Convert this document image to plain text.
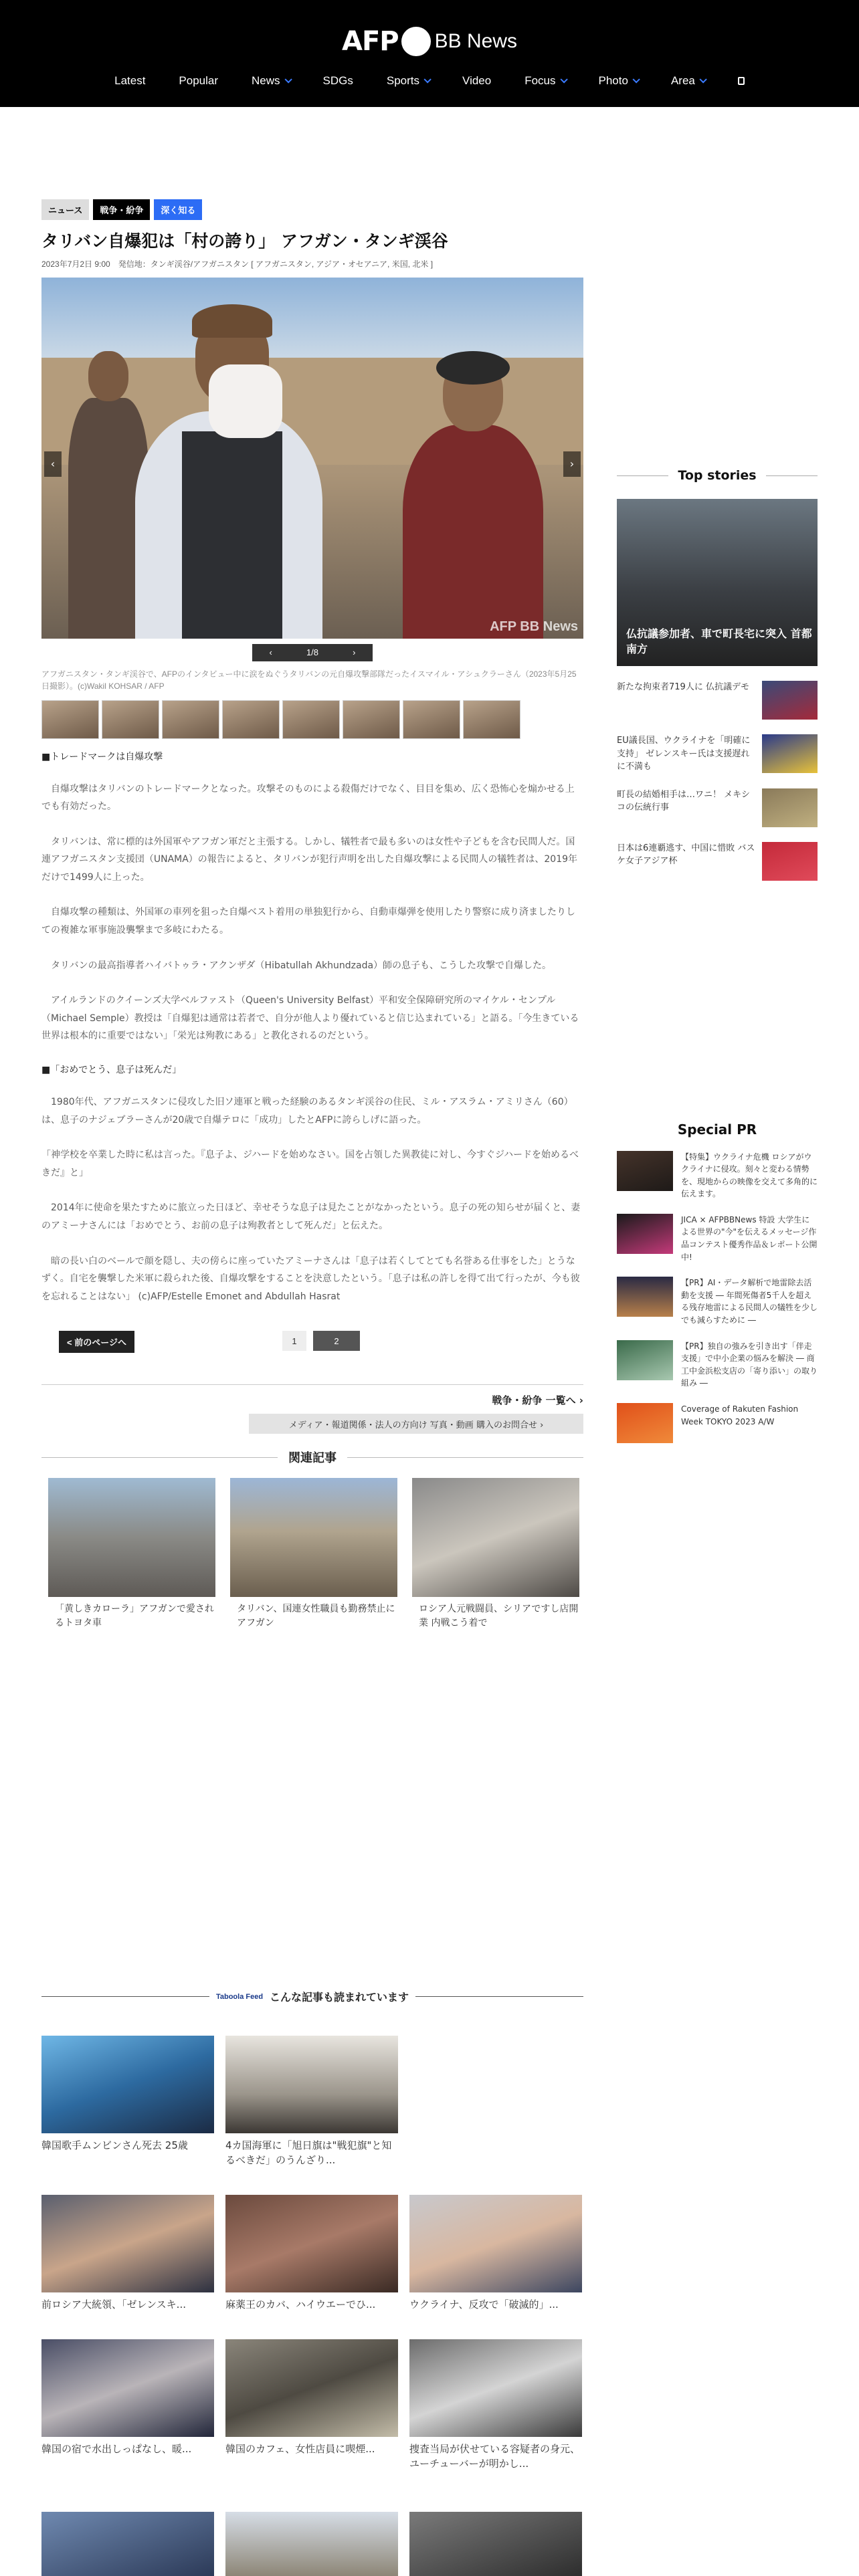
AFP BB News
Latest	Popular	News	SDGs	Sports	Video	Focus	Photo	Area
ニュース	戦争・紛争	深く知る
タリバン自爆犯は「村の誇り」 アフガン・タンギ渓谷
2023年7月2日 9:00　発信地：タンギ渓谷/アフガニスタン [ アフガニスタン, アジア・オセアニア, 米国, 北米 ]
‹	›
AFP BB News
‹	1/8	›
アフガニスタン・タンギ渓谷で、AFPのインタビュー中に涙をぬぐうタリバンの元自爆攻撃部隊だったイスマイル・アシュクラーさん（2023年5月25日撮影）。(c)Wakil KOHSAR / AFP
■トレードマークは自爆攻撃

　自爆攻撃はタリバンのトレードマークとなった。攻撃そのものによる殺傷だけでなく、目目を集め、広く恐怖心を煽かせる上でも有効だった。

　タリバンは、常に標的は外国軍やアフガン軍だと主張する。しかし、犠牲者で最も多いのは女性や子どもを含む民間人だ。国連アフガニスタン支援団（UNAMA）の報告によると、タリバンが犯行声明を出した自爆攻撃による民間人の犠牲者は、2019年だけで1499人に上った。

　自爆攻撃の種類は、外国軍の車列を狙った自爆ベスト着用の単独犯行から、自動車爆弾を使用したり警察に成り済ましたりしての複雑な軍事施設襲撃まで多岐にわたる。

　タリバンの最高指導者ハイバトゥラ・アクンザダ（Hibatullah Akhundzada）師の息子も、こうした攻撃で自爆した。

　アイルランドのクイーンズ大学ベルファスト（Queen's University Belfast）平和安全保障研究所のマイケル・センプル（Michael Semple）教授は「自爆犯は通常は若者で、自分が他人より優れていると信じ込まれている」と語る。「今生きている世界は根本的に重要ではない」「栄光は殉教にある」と教化されるのだという。

■「おめでとう、息子は死んだ」

　1980年代、アフガニスタンに侵攻した旧ソ連軍と戦った経験のあるタンギ渓谷の住民、ミル・アスラム・アミリさん（60）は、息子のナジェブラーさんが20歳で自爆テロに「成功」したとAFPに誇らしげに語った。

「神学校を卒業した時に私は言った。『息子よ、ジハードを始めなさい。国を占領した異教徒に対し、今すぐジハードを始めるべきだ』と」

　2014年に使命を果たすために旅立った日ほど、幸せそうな息子は見たことがなかったという。息子の死の知らせが届くと、妻のアミーナさんには「おめでとう、お前の息子は殉教者として死んだ」と伝えた。

　暗の長い白のベールで顔を隠し、夫の傍らに座っていたアミーナさんは「息子は若くしてとても名誉ある仕事をした」とうなずく。自宅を襲撃した米軍に殺られた後、自爆攻撃をすることを決意したという。「息子は私の許しを得て出て行ったが、今も彼を忘れることはない」 (c)AFP/Estelle Emonet and Abdullah Hasrat

< 前のページへ	1	2
戦争・紛争 一覧へ ›
メディア・報道関係・法人の方向け 写真・動画 購入のお問合せ ›
関連記事
「黄しきカローラ」アフガンで愛されるトヨタ車
タリバン、国連女性職員も勤務禁止に アフガン
ロシア人元戦闘員、シリアですし店開業 内戦こう着で
Taboola Feed こんな記事も読まれています
韓国歌手ムンビンさん死去 25歳	4カ国海軍に「旭日旗は"戦犯旗"と知るべきだ」のうんざり...
前ロシア大統領、「ゼレンスキ...	麻薬王のカバ、ハイウエーでひ...	ウクライナ、反攻で「破滅的」...
韓国の宿で水出しっぱなし、暖...	韓国のカフェ、女性店員に喫煙...	捜査当局が伏せている容疑者の身元、ユーチューバーが明かし...
Top stories
仏抗議参加者、車で町長宅に突入 首都南方
新たな拘束者719人に 仏抗議デモ
EU議長国、ウクライナを「明確に支持」 ゼレンスキー氏は支援遅れに不満も
町長の結婚相手は…ワニ！ メキシコの伝統行事
日本は6連覇逃す、中国に惜敗 バスケ女子アジア杯
Special PR
【特集】ウクライナ危機 ロシアがウクライナに侵攻。刻々と変わる情勢を、現地からの映像を交えて多角的に伝えます。
JICA × AFPBBNews 特設 大学生による世界の"今"を伝えるメッセージ作品コンテスト優秀作品＆レポート公開中!
【PR】AI・データ解析で地雷除去活動を支援 ― 年間死傷者5千人を超える残存地雷による民間人の犠牲を少しでも減らすために ―
【PR】独自の強みを引き出す「伴走支援」で中小企業の悩みを解決 ― 商工中金浜松支店の「寄り添い」の取り組み ―
Coverage of Rakuten Fashion Week TOKYO 2023 A/W
